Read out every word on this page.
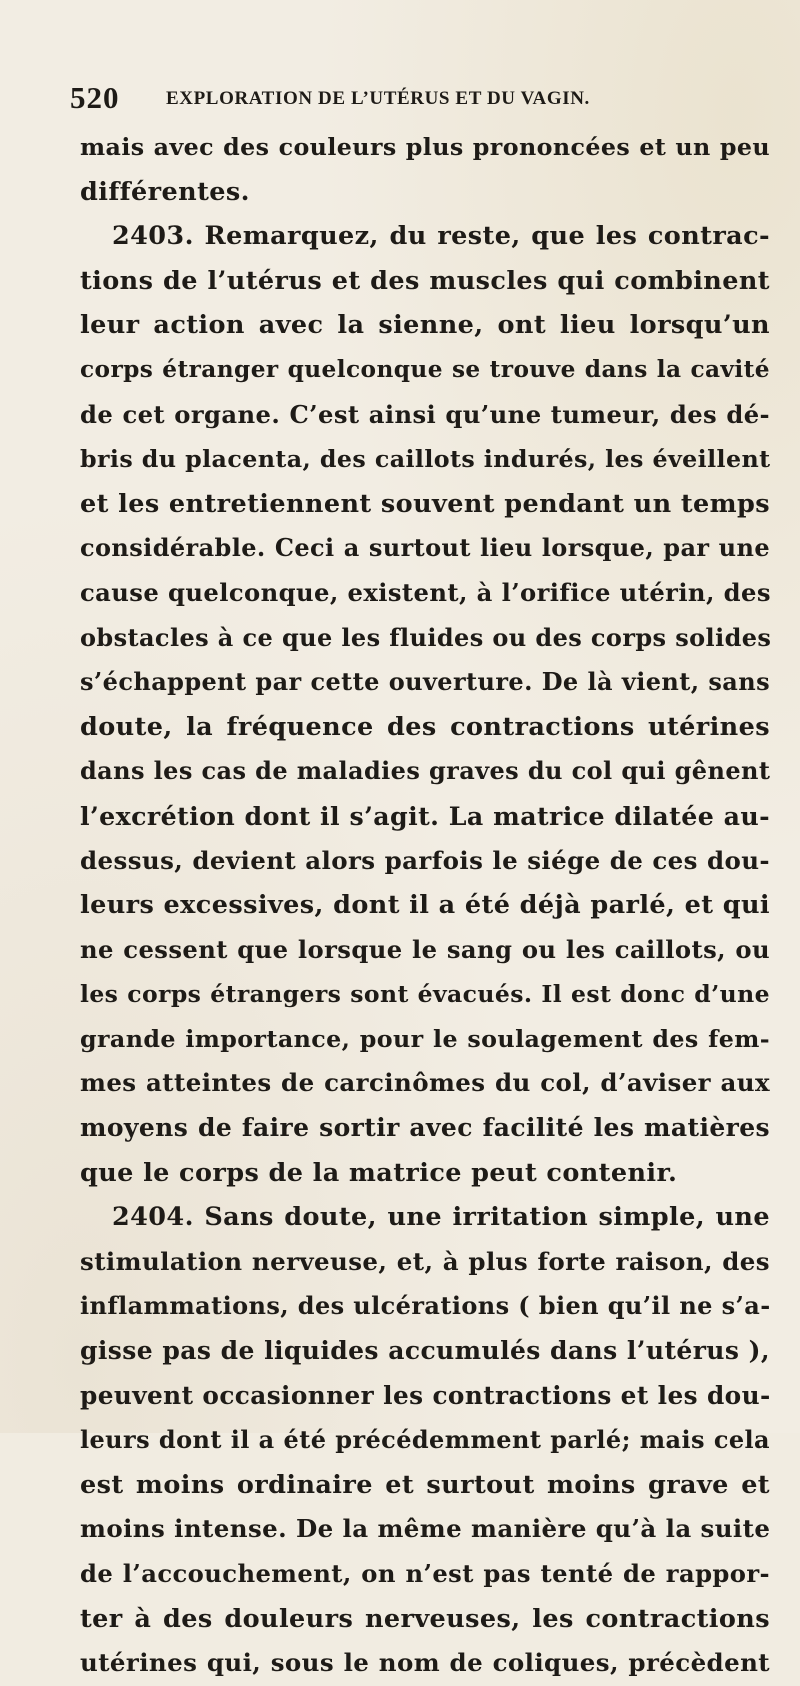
520 EXPLORATION DE L’UTÉRUS ET DU VAGIN.
mais avec des couleurs plus prononcées et un peu
différentes.
2403. Remarquez, du reste, que les contrac-
tions de l’utérus et des muscles qui combinent
leur action avec la sienne, ont lieu lorsqu’un
corps étranger quelconque se trouve dans la cavité
de cet organe. C’est ainsi qu’une tumeur, des dé-
bris du placenta, des caillots indurés, les éveillent
et les entretiennent souvent pendant un temps
considérable. Ceci a surtout lieu lorsque, par une
cause quelconque, existent, à l’orifice utérin, des
obstacles à ce que les fluides ou des corps solides
s’échappent par cette ouverture. De là vient, sans
doute, la fréquence des contractions utérines
dans les cas de maladies graves du col qui gênent
l’excrétion dont il s’agit. La matrice dilatée au-
dessus, devient alors parfois le siége de ces dou-
leurs excessives, dont il a été déjà parlé, et qui
ne cessent que lorsque le sang ou les caillots, ou
les corps étrangers sont évacués. Il est donc d’une
grande importance, pour le soulagement des fem-
mes atteintes de carcinômes du col, d’aviser aux
moyens de faire sortir avec facilité les matières
que le corps de la matrice peut contenir.
2404. Sans doute, une irritation simple, une
stimulation nerveuse, et, à plus forte raison, des
inflammations, des ulcérations ( bien qu’il ne s’a-
gisse pas de liquides accumulés dans l’utérus ),
peuvent occasionner les contractions et les dou-
leurs dont il a été précédemment parlé; mais cela
est moins ordinaire et surtout moins grave et
moins intense. De la même manière qu’à la suite
de l’accouchement, on n’est pas tenté de rappor-
ter à des douleurs nerveuses, les contractions
utérines qui, sous le nom de coliques, précèdent
